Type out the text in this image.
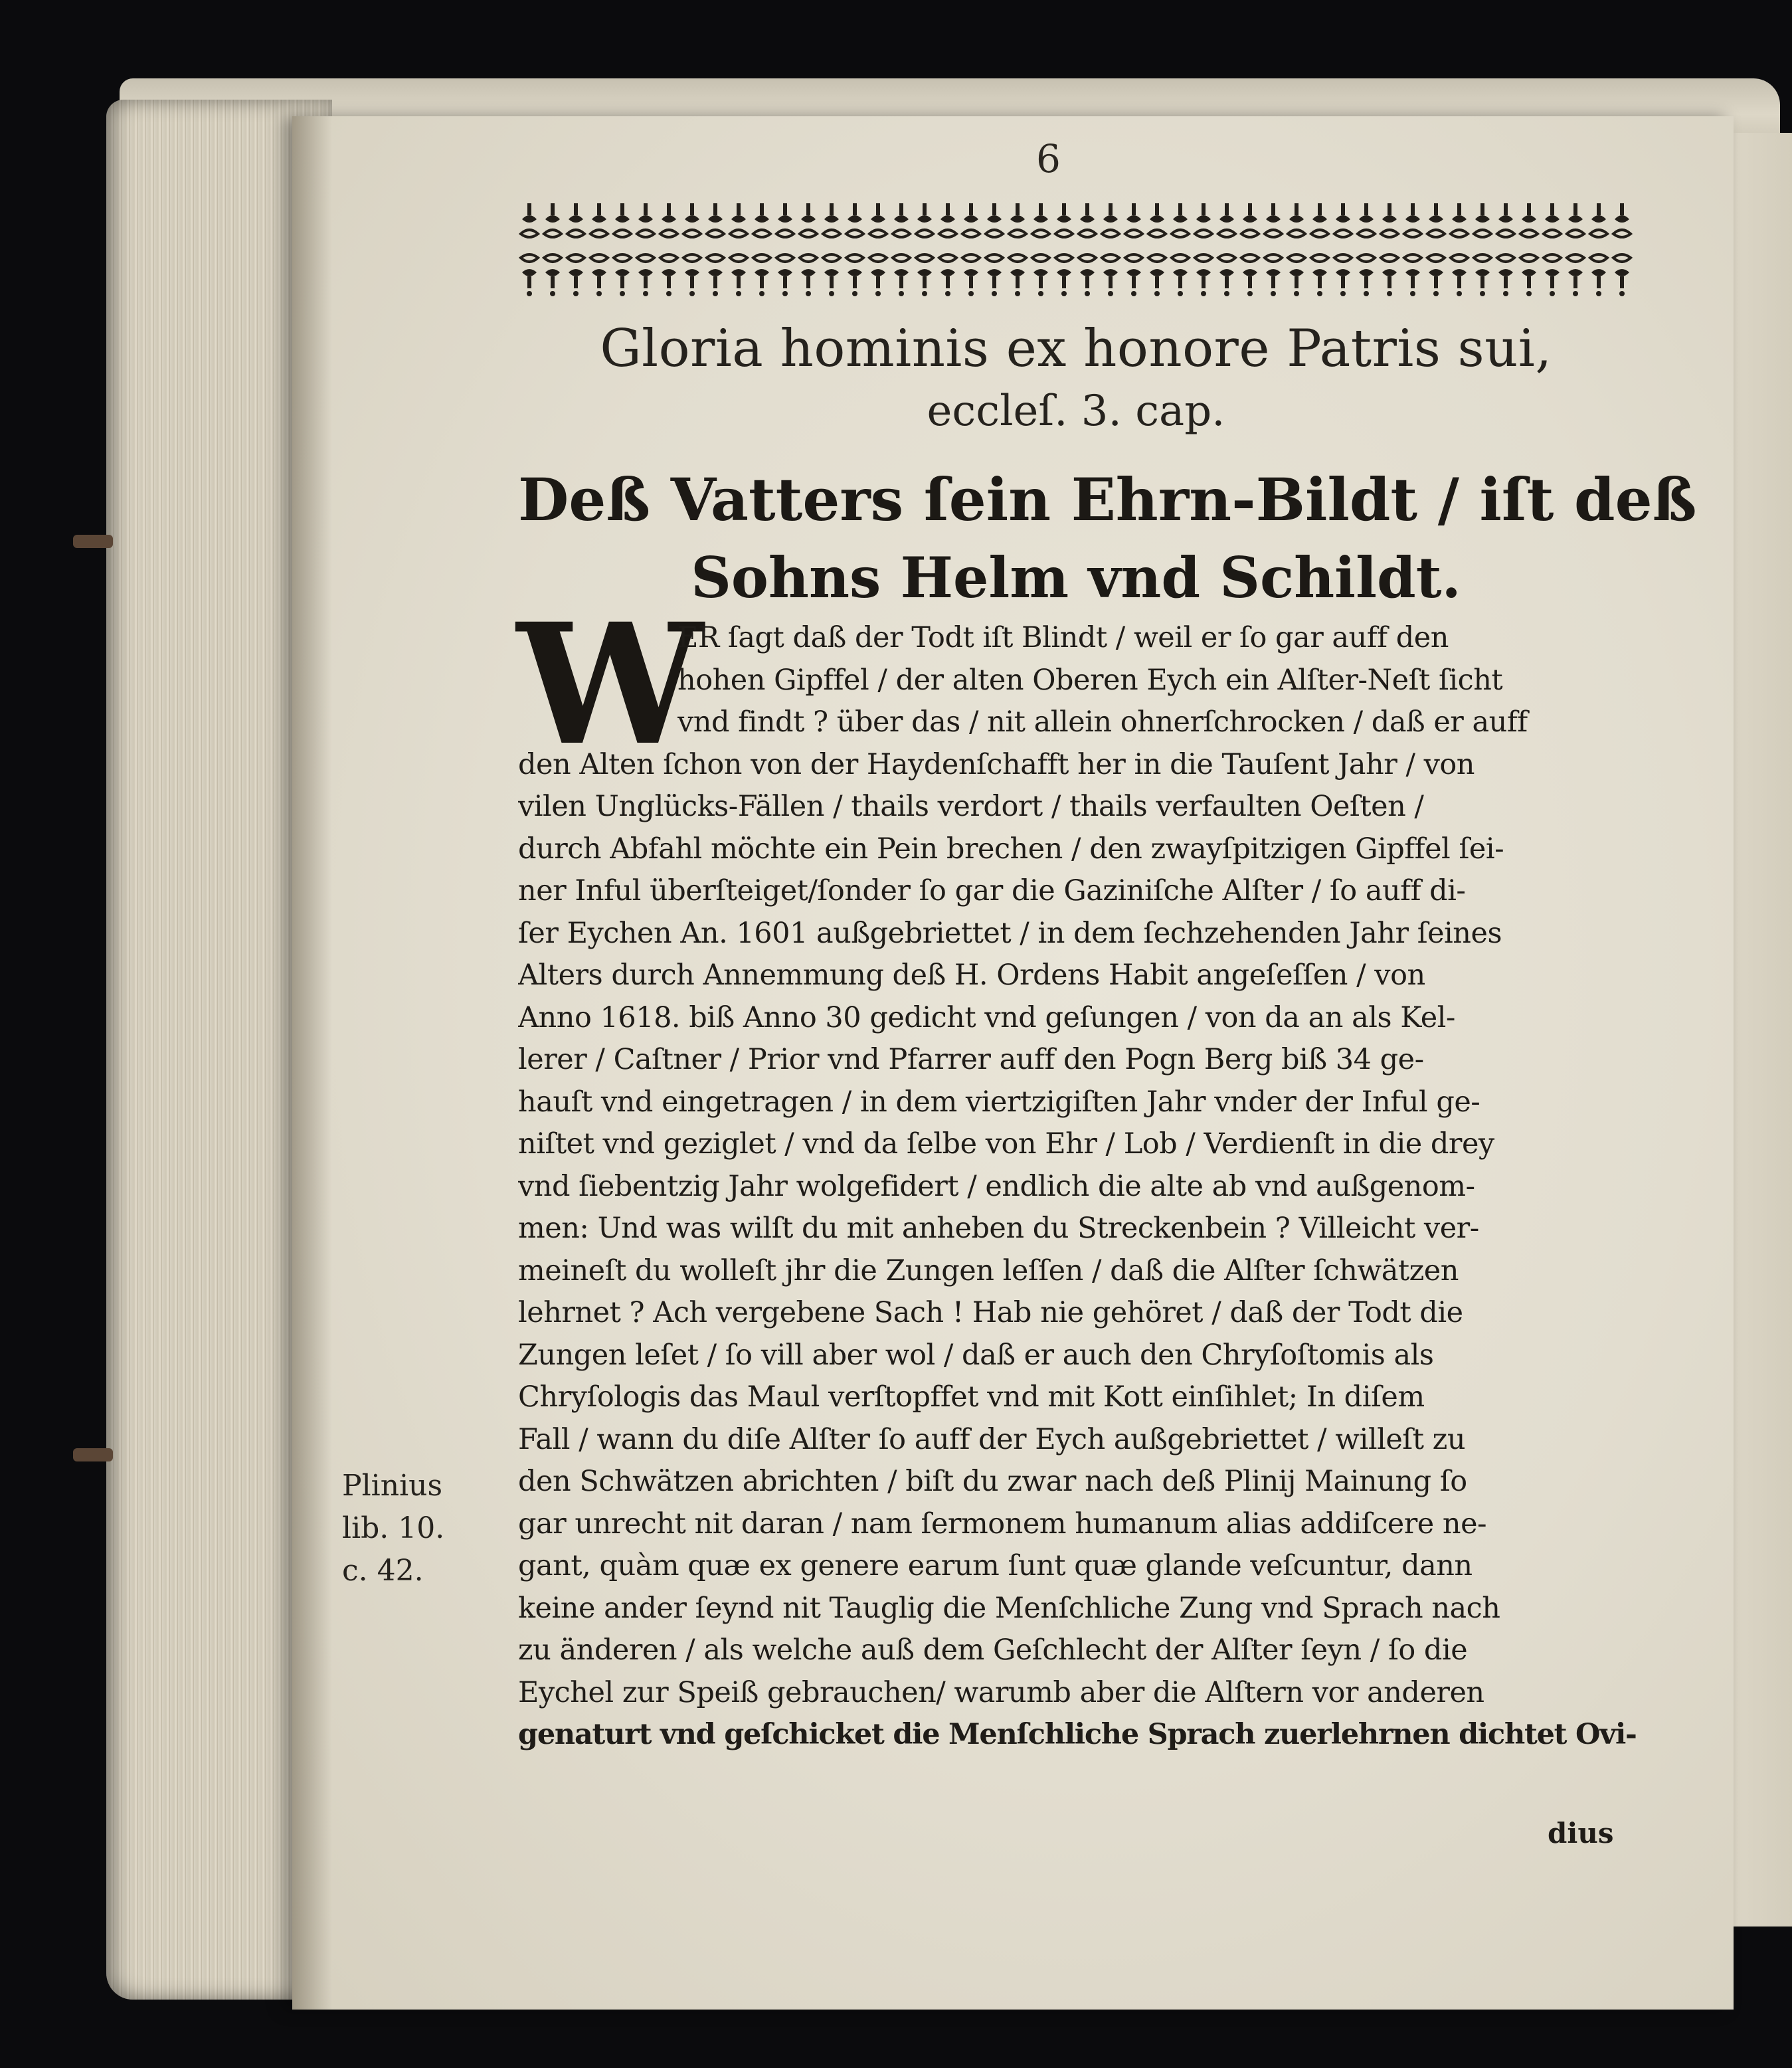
6
Gloria hominis ex honore Patris sui,
eccleſ. 3. cap.
Deß Vatters ſein Ehrn-Bildt / iſt deß
Sohns Helm vnd Schildt.
W
ER ſagt daß der Todt iſt Blindt / weil er ſo gar auff den
hohen Gipffel / der alten Oberen Eych ein Alſter-Neſt ſicht
vnd findt ? über das / nit allein ohnerſchrocken / daß er auff
den Alten ſchon von der Haydenſchafft her in die Tauſent Jahr / von
vilen Unglücks-Fällen / thails verdort / thails verfaulten Oeſten /
durch Abfahl möchte ein Pein brechen / den zwayſpitzigen Gipffel ſei-
ner Inful überſteiget/ſonder ſo gar die Gaziniſche Alſter / ſo auff di-
ſer Eychen An. 1601 außgebriettet / in dem ſechzehenden Jahr ſeines
Alters durch Annemmung deß H. Ordens Habit angeſeſſen / von
Anno 1618. biß Anno 30 gedicht vnd geſungen / von da an als Kel-
lerer / Caſtner / Prior vnd Pfarrer auff den Pogn Berg biß 34 ge-
hauſt vnd eingetragen / in dem viertzigiſten Jahr vnder der Inful ge-
niſtet vnd geziglet / vnd da ſelbe von Ehr / Lob / Verdienſt in die drey
vnd ſiebentzig Jahr wolgefidert / endlich die alte ab vnd außgenom-
men: Und was wilſt du mit anheben du Streckenbein ? Villeicht ver-
meineſt du wolleſt jhr die Zungen leſſen / daß die Alſter ſchwätzen
lehrnet ? Ach vergebene Sach ! Hab nie gehöret / daß der Todt die
Zungen leſet / ſo vill aber wol / daß er auch den Chryſoſtomis als
Chryſologis das Maul verſtopffet vnd mit Kott einſihlet; In diſem
Fall / wann du diſe Alſter ſo auff der Eych außgebriettet / willeſt zu
den Schwätzen abrichten / biſt du zwar nach deß Plinij Mainung ſo
gar unrecht nit daran / nam ſermonem humanum alias addiſcere ne-
gant, quàm quæ ex genere earum ſunt quæ glande veſcuntur, dann
keine ander ſeynd nit Tauglig die Menſchliche Zung vnd Sprach nach
zu änderen / als welche auß dem Geſchlecht der Alſter ſeyn / ſo die
Eychel zur Speiß gebrauchen/ warumb aber die Alſtern vor anderen
genaturt vnd geſchicket die Menſchliche Sprach zuerlehrnen dichtet Ovi-
dius
Plinius
lib. 10.
c. 42.
